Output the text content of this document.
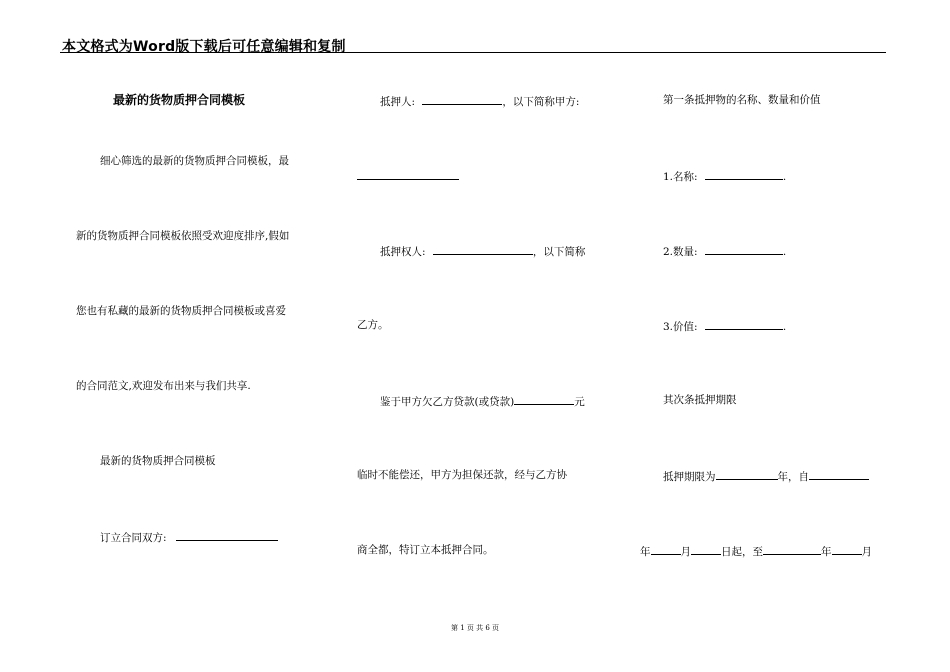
本文格式为Word版下载后可任意编辑和复制
最新的货物质押合同模板
细心筛选的最新的货物质押合同模板，最
新的货物质押合同模板依照受欢迎度排序,假如
您也有私藏的最新的货物质押合同模板或喜爱
的合同范文,欢迎发布出来与我们共享.
最新的货物质押合同模板
订立合同双方:
抵押人:	，以下简称甲方:
抵押权人:	，以下简称
乙方。
鉴于甲方欠乙方贷款(或贷款)	元
临时不能偿还，甲方为担保还款，经与乙方协
商全都，特订立本抵押合同。
第一条抵押物的名称、数量和价值
1.名称:	.
2.数量:	.
3.价值:	.
其次条抵押期限
抵押期限为	年，自
年	月	日起，至	年	月
第 1 页 共 6 页
